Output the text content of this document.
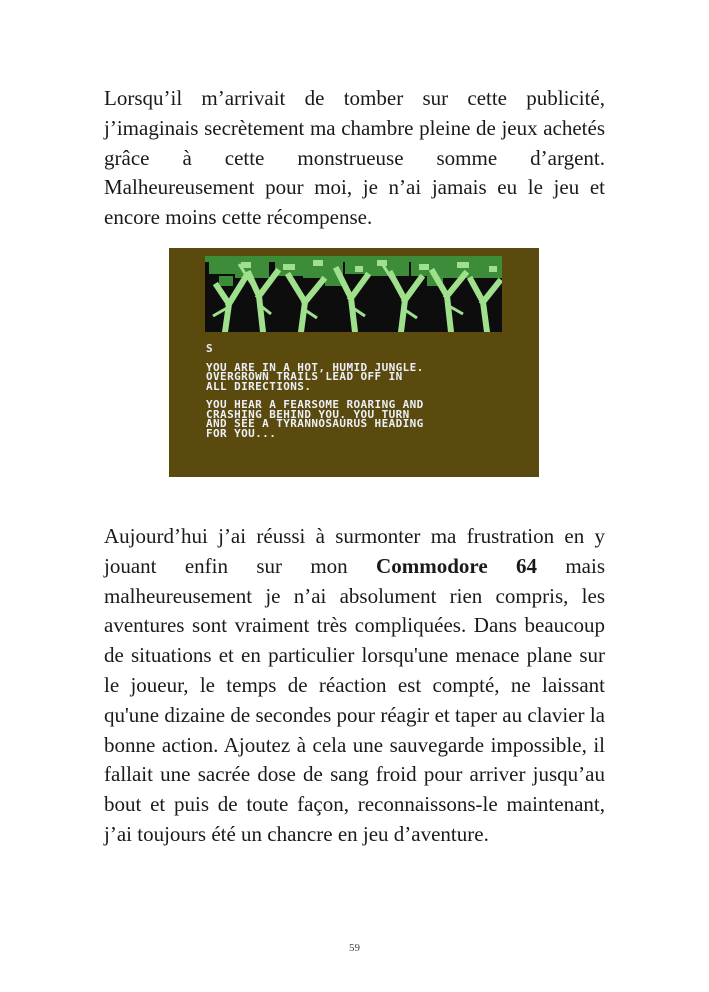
Lorsqu’il m’arrivait de tomber sur cette publicité, j’imaginais secrètement ma chambre pleine de jeux achetés grâce à cette monstrueuse somme d’argent. Malheureusement pour moi, je n’ai jamais eu le jeu et encore moins cette récompense.

S

YOU ARE IN A HOT, HUMID JUNGLE.
OVERGROWN TRAILS LEAD OFF IN
ALL DIRECTIONS.

YOU HEAR A FEARSOME ROARING AND
CRASHING BEHIND YOU. YOU TURN
AND SEE A TYRANNOSAURUS HEADING
FOR YOU...

Aujourd’hui j’ai réussi à surmonter ma frustration en y jouant enfin sur mon Commodore 64 mais malheureusement je n’ai absolument rien compris, les aventures sont vraiment très compliquées. Dans beaucoup de situations et en particulier lorsqu'une menace plane sur le joueur, le temps de réaction est compté, ne laissant qu'une dizaine de secondes pour réagir et taper au clavier la bonne action. Ajoutez à cela une sauvegarde impossible, il fallait une sacrée dose de sang froid pour arriver jusqu’au bout et puis de toute façon, reconnaissons-le maintenant, j’ai toujours été un chancre en jeu d’aventure.

59
